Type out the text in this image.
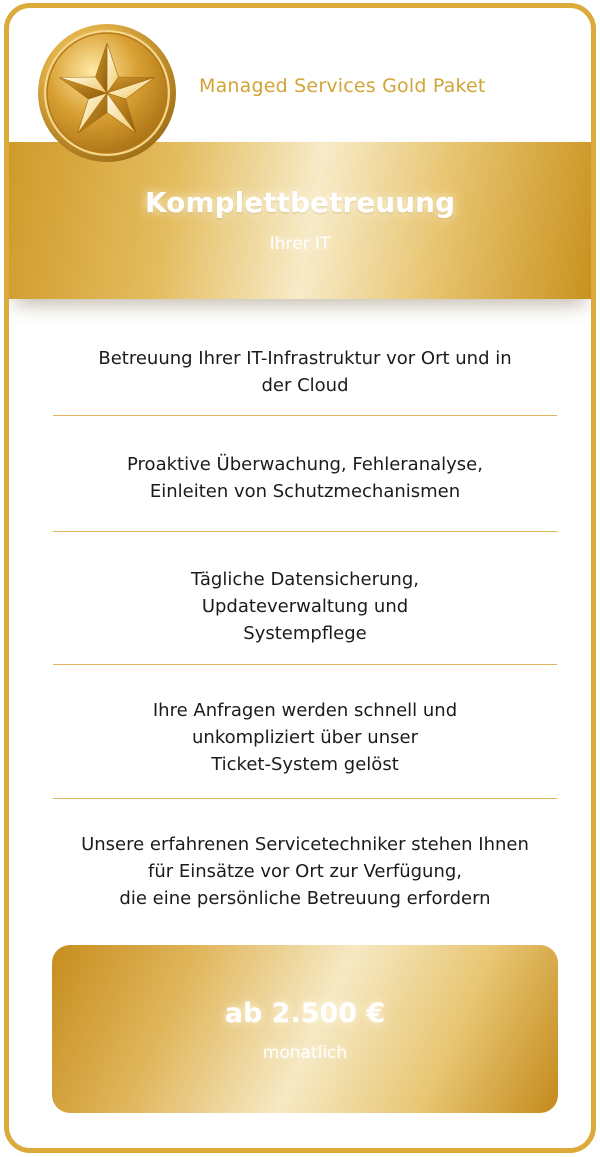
Komplettbetreuung
Ihrer IT
Managed Services Gold Paket
Betreuung Ihrer IT-Infrastruktur vor Ort und in
der Cloud
Proaktive Überwachung, Fehleranalyse,
Einleiten von Schutzmechanismen
Tägliche Datensicherung,
Updateverwaltung und
Systempflege
Ihre Anfragen werden schnell und
unkompliziert über unser
Ticket-System gelöst
Unsere erfahrenen Servicetechniker stehen Ihnen
für Einsätze vor Ort zur Verfügung,
die eine persönliche Betreuung erfordern
ab 2.500 €
monatlich
